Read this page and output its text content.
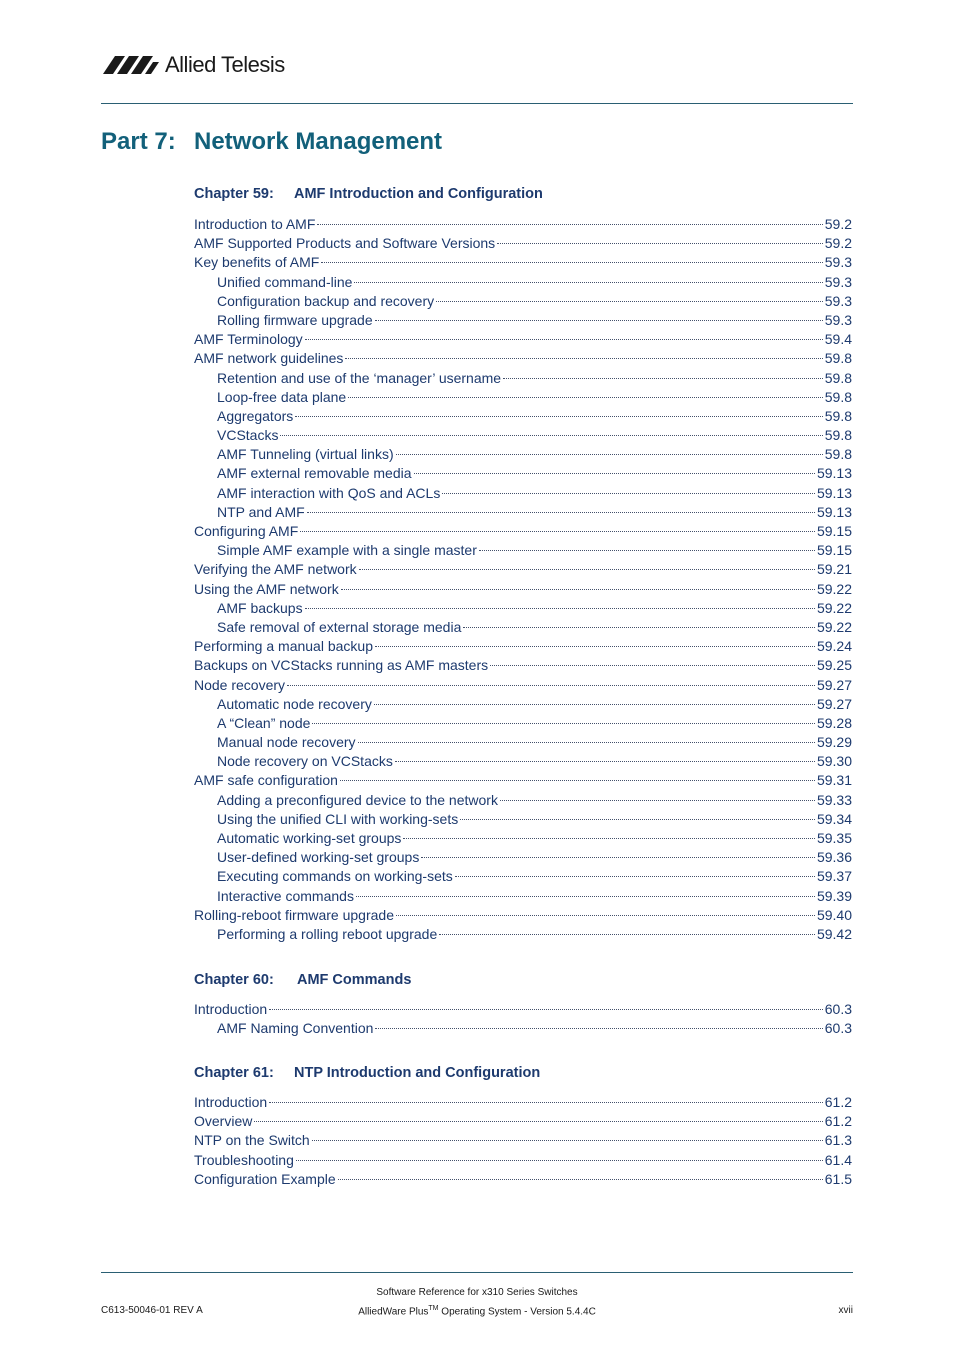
Allied Telesis
Part 7: Network Management
Chapter 59: AMF Introduction and Configuration
Introduction to AMF	59.2
AMF Supported Products and Software Versions	59.2
Key benefits of AMF	59.3
Unified command-line	59.3
Configuration backup and recovery	59.3
Rolling firmware upgrade	59.3
AMF Terminology	59.4
AMF network guidelines	59.8
Retention and use of the ‘manager’ username	59.8
Loop-free data plane	59.8
Aggregators	59.8
VCStacks	59.8
AMF Tunneling (virtual links)	59.8
AMF external removable media	59.13
AMF interaction with QoS and ACLs	59.13
NTP and AMF	59.13
Configuring AMF	59.15
Simple AMF example with a single master	59.15
Verifying the AMF network	59.21
Using the AMF network	59.22
AMF backups	59.22
Safe removal of external storage media	59.22
Performing a manual backup	59.24
Backups on VCStacks running as AMF masters	59.25
Node recovery	59.27
Automatic node recovery	59.27
A “Clean” node	59.28
Manual node recovery	59.29
Node recovery on VCStacks	59.30
AMF safe configuration	59.31
Adding a preconfigured device to the network	59.33
Using the unified CLI with working-sets	59.34
Automatic working-set groups	59.35
User-defined working-set groups	59.36
Executing commands on working-sets	59.37
Interactive commands	59.39
Rolling-reboot firmware upgrade	59.40
Performing a rolling reboot upgrade	59.42
Chapter 60: AMF Commands
Introduction	60.3
AMF Naming Convention	60.3
Chapter 61: NTP Introduction and Configuration
Introduction	61.2
Overview	61.2
NTP on the Switch	61.3
Troubleshooting	61.4
Configuration Example	61.5
Software Reference for x310 Series Switches
C613-50046-01 REV A	AlliedWare Plus™ Operating System - Version 5.4.4C	xvii
